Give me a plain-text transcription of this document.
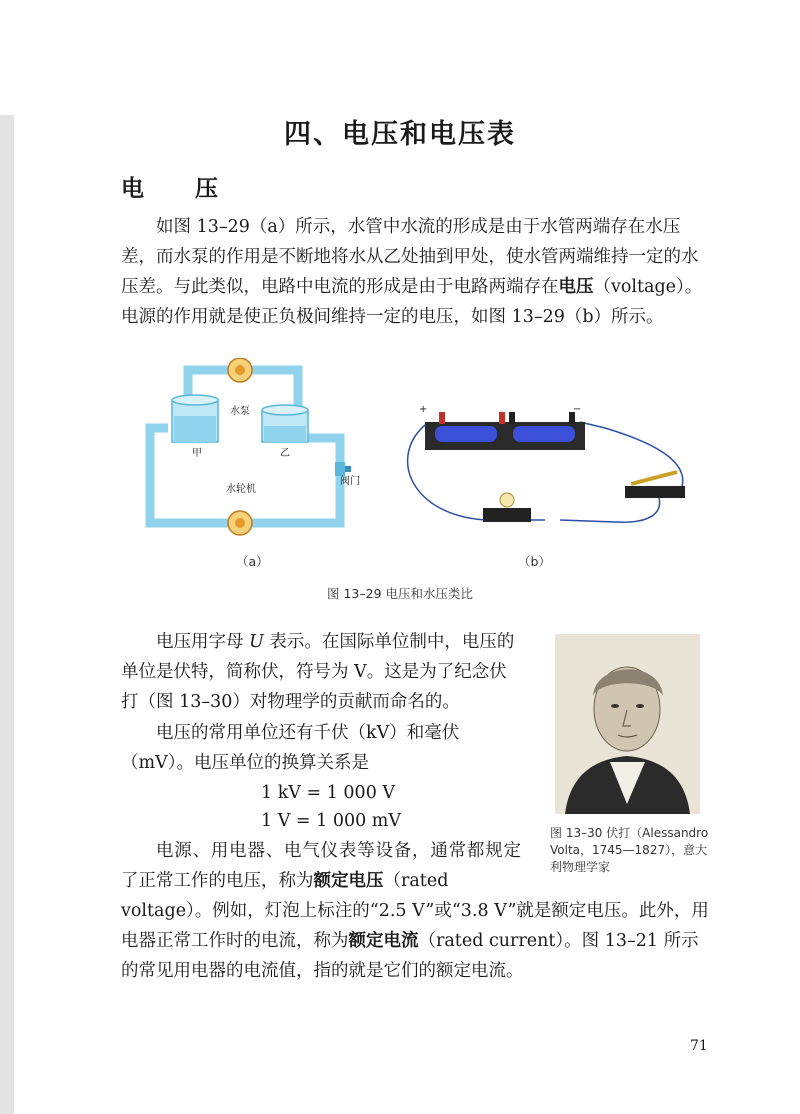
四、电压和电压表
电　压
如图 13–29（a）所示，水管中水流的形成是由于水管两端存在水压差，而水泵的作用是不断地将水从乙处抽到甲处，使水管两端维持一定的水压差。与此类似，电路中电流的形成是由于电路两端存在电压（voltage）。电源的作用就是使正负极间维持一定的电压，如图 13–29（b）所示。
水泵
甲	乙
水轮机
阀门
+	−
（a）	（b）
图 13–29 电压和水压类比
电压用字母 U 表示。在国际单位制中，电压的单位是伏特，简称伏，符号为 V。这是为了纪念伏打（图 13–30）对物理学的贡献而命名的。
电压的常用单位还有千伏（kV）和毫伏（mV）。电压单位的换算关系是
1 kV = 1 000 V
1 V = 1 000 mV
电源、用电器、电气仪表等设备，通常都规定了正常工作的电压，称为额定电压（rated
voltage）。例如，灯泡上标注的“2.5 V”或“3.8 V”就是额定电压。此外，用电器正常工作时的电流，称为额定电流（rated current）。图 13–21 所示的常见用电器的电流值，指的就是它们的额定电流。
图 13–30 伏打（Alessandro Volta，1745—1827），意大利物理学家
71
